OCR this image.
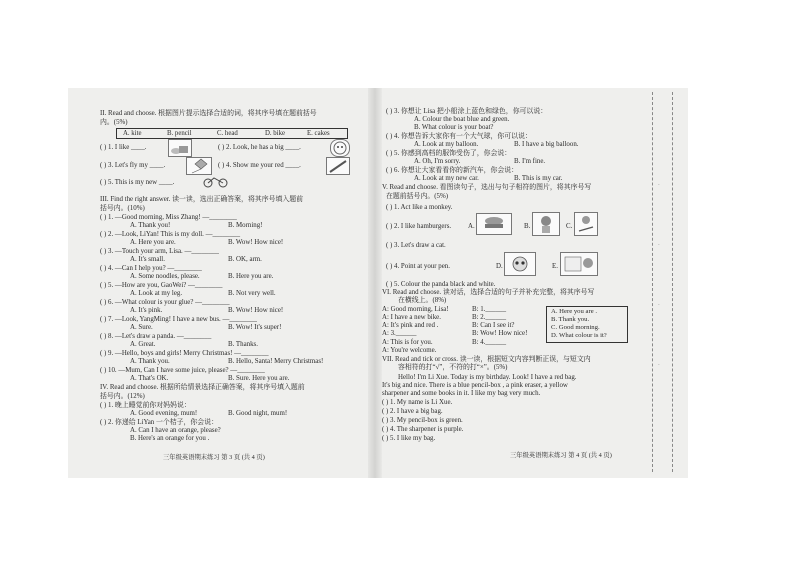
II. Read and choose. 根据图片提示选择合适的词，将其序号填在题前括号
内。(5%)
A. kite	B. pencil	C. head	D. bike	E. cakes
( ) 1. I like ____.	( ) 2. Look, he has a big ____.
( ) 3. Let's fly my ____.	( ) 4. Show me your red ____.
( ) 5. This is my new ____.
III. Find the right answer. 读一读，选出正确答案，将其序号填入题前
括号内。(10%)
( ) 1. —Good morning, Miss Zhang! —________
A. Thank you!	B. Morning!
( ) 2. —Look, LiYan! This is my doll. —________
A. Here you are.	B. Wow! How nice!
( ) 3. —Touch your arm, Lisa. —________
A. It's small.	B. OK, arm.
( ) 4. —Can I help you? —________
A. Some noodles, please.	B. Here you are.
( ) 5. —How are you, GaoWei? —________
A. Look at my leg.	B. Not very well.
( ) 6. —What colour is your glue? —________
A. It's pink.	B. Wow! How nice!
( ) 7. —Look, YangMing! I have a new bus. —________
A. Sure.	B. Wow! It's super!
( ) 8. —Let's draw a panda. —________
A. Great.	B. Thanks.
( ) 9. —Hello, boys and girls! Merry Christmas! —________
A. Thank you.	B. Hello, Santa! Merry Christmas!
( ) 10. —Mum, Can I have some juice, please? —________
A. That's OK.	B. Sure. Here you are.
IV. Read and choose. 根据所给情景选择正确答案，将其序号填入题前
括号内。(12%)
( ) 1. 晚上睡觉前你对妈妈说：
A. Good evening, mum!	B. Good night, mum!
( ) 2. 你递给 LiYan 一个桔子，你会说：
A. Can I have an orange, please?
B. Here's an orange for you .
三年级英语期末练习 第 3 页 (共 4 页)
( ) 3. 你想让 Lisa 把小船涂上蓝色和绿色，你可以说：
A. Colour the boat blue and green.
B. What colour is your boat?
( ) 4. 你想告诉大家你有一个大气球，你可以说：
A. Look at my balloon.	B. I have a big balloon.
( ) 5. 你感到高档的服饰受伤了，你会说：
A. Oh, I'm sorry.	B. I'm fine.
( ) 6. 你想让大家看看你的新汽车，你会说：
A. Look at my new car.	B. This is my car.
V. Read and choose. 看图读句子，选出与句子相符的图片，将其序号写
在题前括号内。(5%)
( ) 1. Act like a monkey.
( ) 2. I like hamburgers. A.	B.	C.
( ) 3. Let's draw a cat.
( ) 4. Point at your pen.	D.	E.
( ) 5. Colour the panda black and white.
VI. Read and choose. 读对话，选择合适的句子并补充完整，将其序号写
在横线上。(8%)
A: Good morning, Lisa!	B: 1.______
A: I have a new bike.	B: 2.______
A: It's pink and red .	B: Can I see it?
A: 3.______	B: Wow! How nice!
A: This is for you.	B: 4.______
A: You're welcome.
A. Here you are .
B. Thank you.
C. Good morning.
D. What colour is it?
VII. Read and tick or cross. 读一读，根据短文内容判断正误，与短文内
容相符的打“√”，不符的打“×”。(5%)
Hello! I'm Li Xue. Today is my birthday. Look! I have a red bag.
It's big and nice. There is a blue pencil-box , a pink eraser, a yellow
sharpener and some books in it. I like my bag very much.
( ) 1. My name is Li Xue.
( ) 2. I have a big bag.
( ) 3. My pencil-box is green.
( ) 4. The sharpener is purple.
( ) 5. I like my bag.
三年级英语期末练习 第 4 页 (共 4 页)
·
·
·
·
